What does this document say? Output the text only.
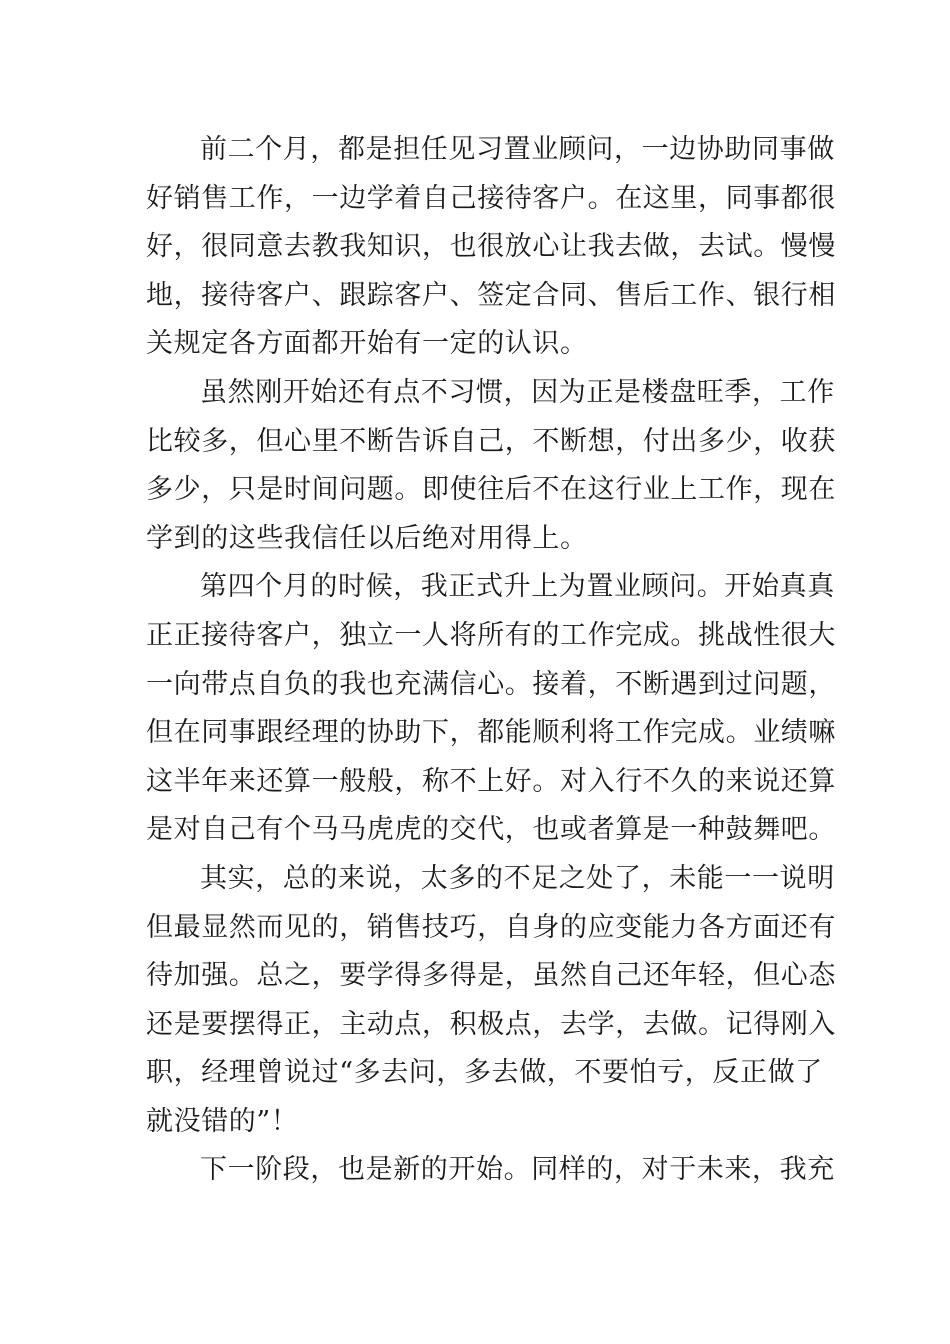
前二个月，都是担任见习置业顾问，一边协助同事做
好销售工作，一边学着自己接待客户。在这里，同事都很
好，很同意去教我知识，也很放心让我去做，去试。慢慢
地，接待客户、跟踪客户、签定合同、售后工作、银行相
关规定各方面都开始有一定的认识。
虽然刚开始还有点不习惯，因为正是楼盘旺季，工作
比较多，但心里不断告诉自己，不断想，付出多少，收获
多少，只是时间问题。即使往后不在这行业上工作，现在
学到的这些我信任以后绝对用得上。
第四个月的时候，我正式升上为置业顾问。开始真真
正正接待客户，独立一人将所有的工作完成。挑战性很大
一向带点自负的我也充满信心。接着，不断遇到过问题，
但在同事跟经理的协助下，都能顺利将工作完成。业绩嘛
这半年来还算一般般，称不上好。对入行不久的来说还算
是对自己有个马马虎虎的交代，也或者算是一种鼓舞吧。
其实，总的来说，太多的不足之处了，未能一一说明
但最显然而见的，销售技巧，自身的应变能力各方面还有
待加强。总之，要学得多得是，虽然自己还年轻，但心态
还是要摆得正，主动点，积极点，去学，去做。记得刚入
职，经理曾说过“多去问，多去做，不要怕亏，反正做了
就没错的”！
下一阶段，也是新的开始。同样的，对于未来，我充
